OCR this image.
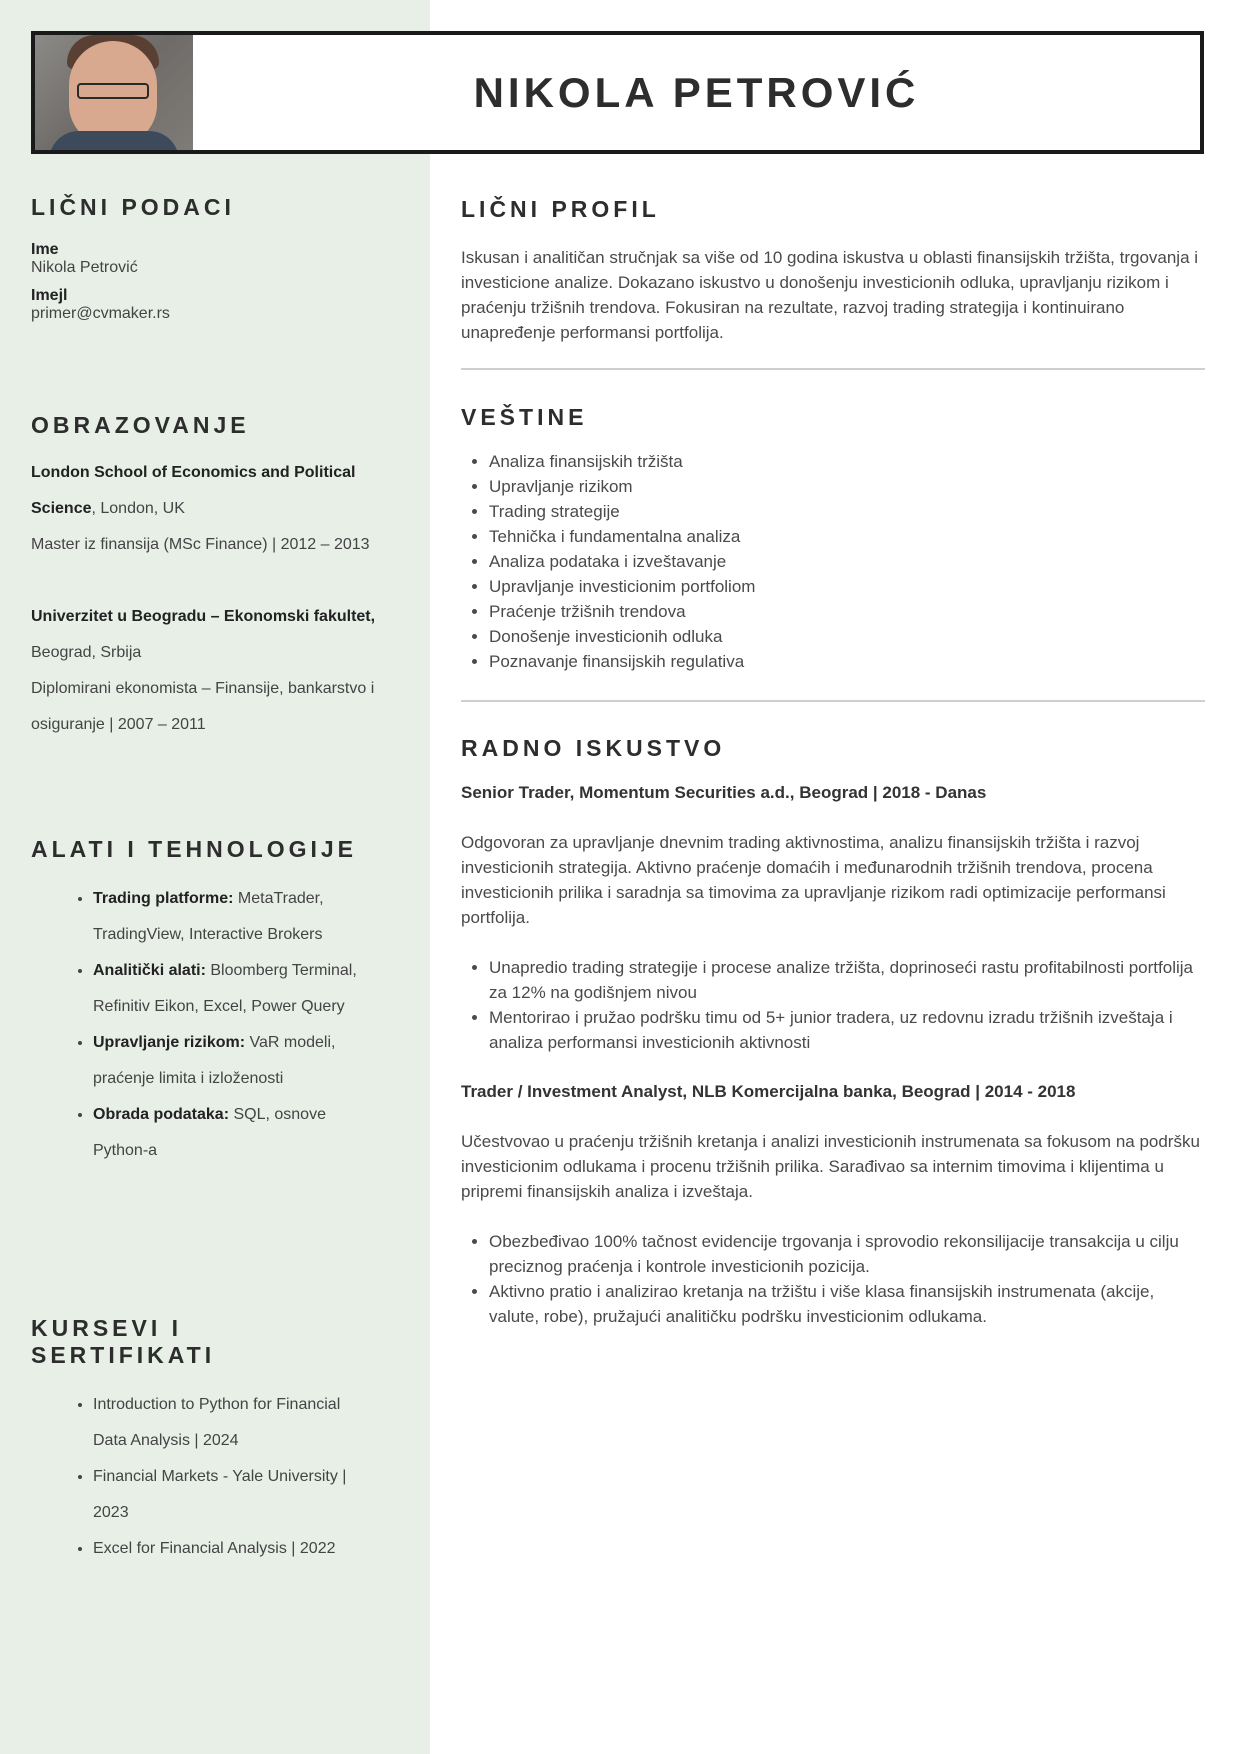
NIKOLA PETROVIĆ
LIČNI PODACI
Ime
Nikola Petrović
Imejl
primer@cvmaker.rs
OBRAZOVANJE

London School of Economics and Political Science, London, UK

Master iz finansija (MSc Finance) | 2012 – 2013

Univerzitet u Beogradu – Ekonomski fakultet,

Beograd, Srbija

Diplomirani ekonomista – Finansije, bankarstvo i osiguranje | 2007 – 2011

ALATI I TEHNOLOGIJE
• Trading platforme: MetaTrader, TradingView, Interactive Brokers
• Analitički alati: Bloomberg Terminal, Refinitiv Eikon, Excel, Power Query
• Upravljanje rizikom: VaR modeli, praćenje limita i izloženosti
• Obrada podataka: SQL, osnove Python-a
KURSEVI I SERTIFIKATI
• Introduction to Python for Financial Data Analysis | 2024
• Financial Markets - Yale University | 2023
• Excel for Financial Analysis | 2022
LIČNI PROFIL

Iskusan i analitičan stručnjak sa više od 10 godina iskustva u oblasti finansijskih tržišta, trgovanja i investicione analize. Dokazano iskustvo u donošenju investicionih odluka, upravljanju rizikom i praćenju tržišnih trendova. Fokusiran na rezultate, razvoj trading strategija i kontinuirano unapređenje performansi portfolija.

VEŠTINE
• Analiza finansijskih tržišta
• Upravljanje rizikom
• Trading strategije
• Tehnička i fundamentalna analiza
• Analiza podataka i izveštavanje
• Upravljanje investicionim portfoliom
• Praćenje tržišnih trendova
• Donošenje investicionih odluka
• Poznavanje finansijskih regulativa
RADNO ISKUSTVO

Senior Trader, Momentum Securities a.d., Beograd | 2018 - Danas

Odgovoran za upravljanje dnevnim trading aktivnostima, analizu finansijskih tržišta i razvoj investicionih strategija. Aktivno praćenje domaćih i međunarodnih tržišnih trendova, procena investicionih prilika i saradnja sa timovima za upravljanje rizikom radi optimizacije performansi portfolija.

• Unapredio trading strategije i procese analize tržišta, doprinoseći rastu profitabilnosti portfolija za 12% na godišnjem nivou
• Mentorirao i pružao podršku timu od 5+ junior tradera, uz redovnu izradu tržišnih izveštaja i analiza performansi investicionih aktivnosti

Trader / Investment Analyst, NLB Komercijalna banka, Beograd | 2014 - 2018

Učestvovao u praćenju tržišnih kretanja i analizi investicionih instrumenata sa fokusom na podršku investicionim odlukama i procenu tržišnih prilika. Sarađivao sa internim timovima i klijentima u pripremi finansijskih analiza i izveštaja.

• Obezbeđivao 100% tačnost evidencije trgovanja i sprovodio rekonsilijacije transakcija u cilju preciznog praćenja i kontrole investicionih pozicija.
• Aktivno pratio i analizirao kretanja na tržištu i više klasa finansijskih instrumenata (akcije, valute, robe), pružajući analitičku podršku investicionim odlukama.
